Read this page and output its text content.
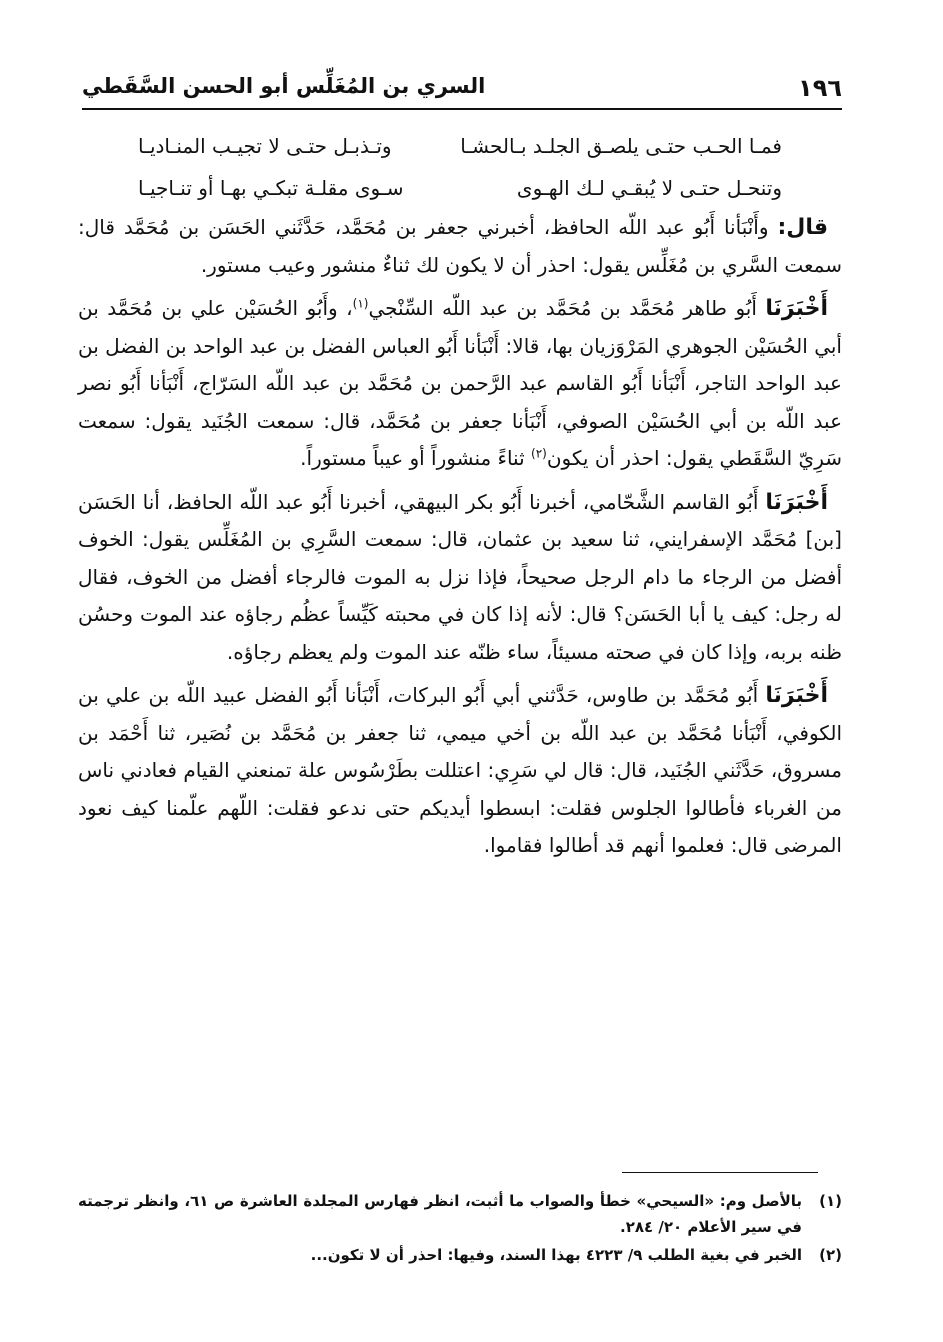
١٩٦
السري بن المُغَلِّس أبو الحسن السَّقَطي
فمـا الحـب حتـى يلصـق الجلـد بـالحشـا
وتـذبـل حتـى لا تجيـب المنـاديـا
وتنحـل حتـى لا يُبقـي لـك الهـوى
سـوى مقلـة تبكـي بهـا أو تنـاجيـا

قال: وأَنْبَأنا أَبُو عبد اللّه الحافظ، أخبرني جعفر بن مُحَمَّد، حَدَّثَني الحَسَن بن مُحَمَّد قال: سمعت السَّري بن مُغَلِّس يقول: احذر أن لا يكون لك ثناءٌ منشور وعيب مستور.

أَخْبَرَنَا أَبُو طاهر مُحَمَّد بن مُحَمَّد بن عبد اللّه السِّنْجي$^{(١)}$، وأَبُو الحُسَيْن علي بن مُحَمَّد بن أبي الحُسَيْن الجوهري المَرْوَزيان بها، قالا: أَنْبَأنا أَبُو العباس الفضل بن عبد الواحد بن الفضل بن عبد الواحد التاجر، أَنْبَأنا أَبُو القاسم عبد الرَّحمن بن مُحَمَّد بن عبد اللّه السَرّاج، أَنْبَأنا أَبُو نصر عبد اللّه بن أبي الحُسَيْن الصوفي، أَنْبَأنا جعفر بن مُحَمَّد، قال: سمعت الجُنَيد يقول: سمعت سَرِيّ السَّقَطي يقول: احذر أن يكون$^{(٢)}$ ثناءً منشوراً أو عيباً مستوراً.

أَخْبَرَنَا أَبُو القاسم الشَّحّامي، أخبرنا أَبُو بكر البيهقي، أخبرنا أَبُو عبد اللّه الحافظ، أنا الحَسَن [بن] مُحَمَّد الإسفرايني، ثنا سعيد بن عثمان، قال: سمعت السَّرِي بن المُغَلِّس يقول: الخوف أفضل من الرجاء ما دام الرجل صحيحاً، فإذا نزل به الموت فالرجاء أفضل من الخوف، فقال له رجل: كيف يا أبا الحَسَن؟ قال: لأنه إذا كان في محبته كَيِّساً عظُم رجاؤه عند الموت وحسُن ظنه بربه، وإذا كان في صحته مسيئاً، ساء ظنّه عند الموت ولم يعظم رجاؤه.

أَخْبَرَنَا أَبُو مُحَمَّد بن طاوس، حَدَّثني أبي أَبُو البركات، أَنْبَأنا أَبُو الفضل عبيد اللّه بن علي بن الكوفي، أَنْبَأنا مُحَمَّد بن عبد اللّه بن أخي ميمي، ثنا جعفر بن مُحَمَّد بن نُصَير، ثنا أَحْمَد بن مسروق، حَدَّثَني الجُنَيد، قال: قال لي سَرِي: اعتللت بطَرْسُوس علة تمنعني القيام فعادني ناس من الغرباء فأطالوا الجلوس فقلت: ابسطوا أيديكم حتى ندعو فقلت: اللّهم علّمنا كيف نعود المرضى قال: فعلموا أنهم قد أطالوا فقاموا.

(١)
بالأصل وم: «السيحي» خطأ والصواب ما أثبت، انظر فهارس المجلدة العاشرة ص ٦١، وانظر ترجمته في سير الأعلام ٢٠/ ٢٨٤.
(٢)
الخبر في بغية الطلب ٩/ ٤٢٢٣ بهذا السند، وفيها: احذر أن لا تكون...
